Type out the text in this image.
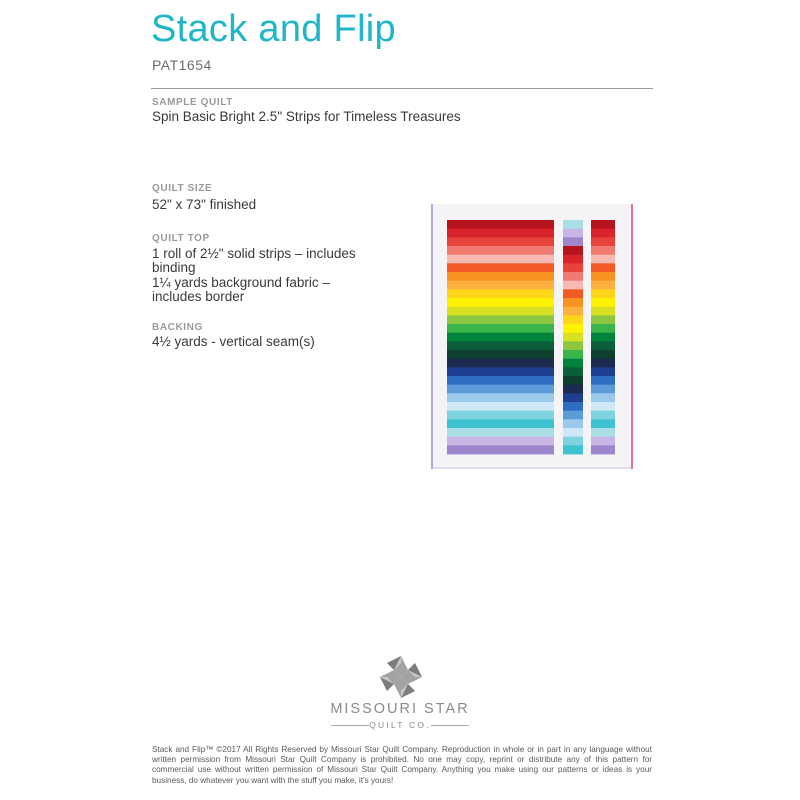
Stack and Flip
PAT1654
SAMPLE QUILT
Spin Basic Bright 2.5" Strips for Timeless Treasures
QUILT SIZE
52" x 73" finished
QUILT TOP
1 roll of 2½" solid strips – includes
binding
1¼ yards background fabric –
includes border
BACKING
4½ yards - vertical seam(s)
MISSOURI STAR
QUILT CO.
Stack and Flip™ ©2017 All Rights Reserved by Missouri Star Quilt Company. Reproduction in whole or in part in any language without written permission from Missouri Star Quilt Company is prohibited. No one may copy, reprint or distribute any of this pattern for commercial use without written permission of Missouri Star Quilt Company. Anything you make using our patterns or ideas is your business, do whatever you want with the stuff you make, it's yours!
